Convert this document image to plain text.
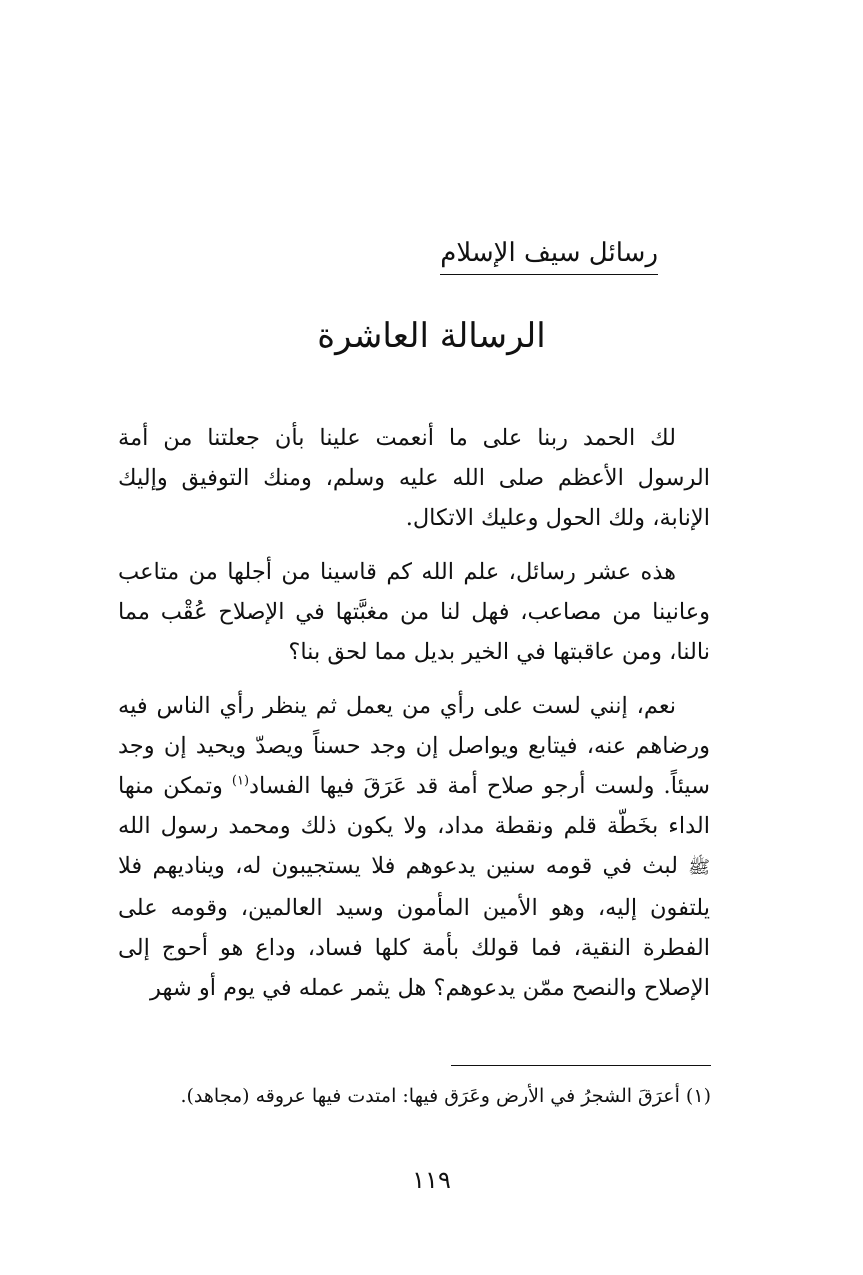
رسائل سيف الإسلام
الرسالة العاشرة

لك الحمد ربنا على ما أنعمت علينا بأن جعلتنا من أمة الرسول الأعظم صلى الله عليه وسلم، ومنك التوفيق وإليك الإنابة، ولك الحول وعليك الاتكال.

هذه عشر رسائل، علم الله كم قاسينا من أجلها من متاعب وعانينا من مصاعب، فهل لنا من مغبَّتها في الإصلاح عُقْب مما نالنا، ومن عاقبتها في الخير بديل مما لحق بنا؟

نعم، إنني لست على رأي من يعمل ثم ينظر رأي الناس فيه ورضاهم عنه، فيتابع ويواصل إن وجد حسناً ويصدّ ويحيد إن وجد سيئاً. ولست أرجو صلاح أمة قد عَرَقَ فيها الفساد$^{(١)}$ وتمكن منها الداء بخَطّة قلم ونقطة مداد، ولا يكون ذلك ومحمد رسول الله ﷺ لبث في قومه سنين يدعوهم فلا يستجيبون له، ويناديهم فلا يلتفون إليه، وهو الأمين المأمون وسيد العالمين، وقومه على الفطرة النقية، فما قولك بأمة كلها فساد، وداع هو أحوج إلى الإصلاح والنصح ممّن يدعوهم؟ هل يثمر عمله في يوم أو شهر

(١) أعرَقَ الشجرُ في الأرض وعَرَق فيها: امتدت فيها عروقه (مجاهد).
١١٩
